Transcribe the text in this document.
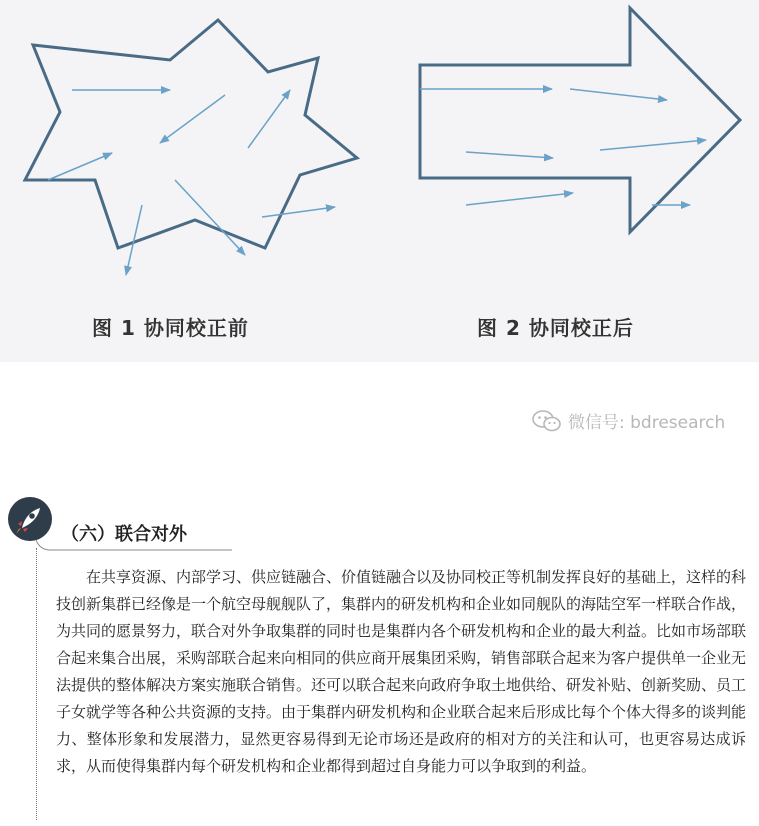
图 1 协同校正前	图 2 协同校正后
微信号: bdresearch
（六）联合对外

在共享资源、内部学习、供应链融合、价值链融合以及协同校正等机制发挥良好的基础上，这样的科技创新集群已经像是一个航空母舰舰队了，集群内的研发机构和企业如同舰队的海陆空军一样联合作战，为共同的愿景努力，联合对外争取集群的同时也是集群内各个研发机构和企业的最大利益。比如市场部联合起来集合出展，采购部联合起来向相同的供应商开展集团采购，销售部联合起来为客户提供单一企业无法提供的整体解决方案实施联合销售。还可以联合起来向政府争取土地供给、研发补贴、创新奖励、员工子女就学等各种公共资源的支持。由于集群内研发机构和企业联合起来后形成比每个个体大得多的谈判能力、整体形象和发展潜力，显然更容易得到无论市场还是政府的相对方的关注和认可，也更容易达成诉求，从而使得集群内每个研发机构和企业都得到超过自身能力可以争取到的利益。
